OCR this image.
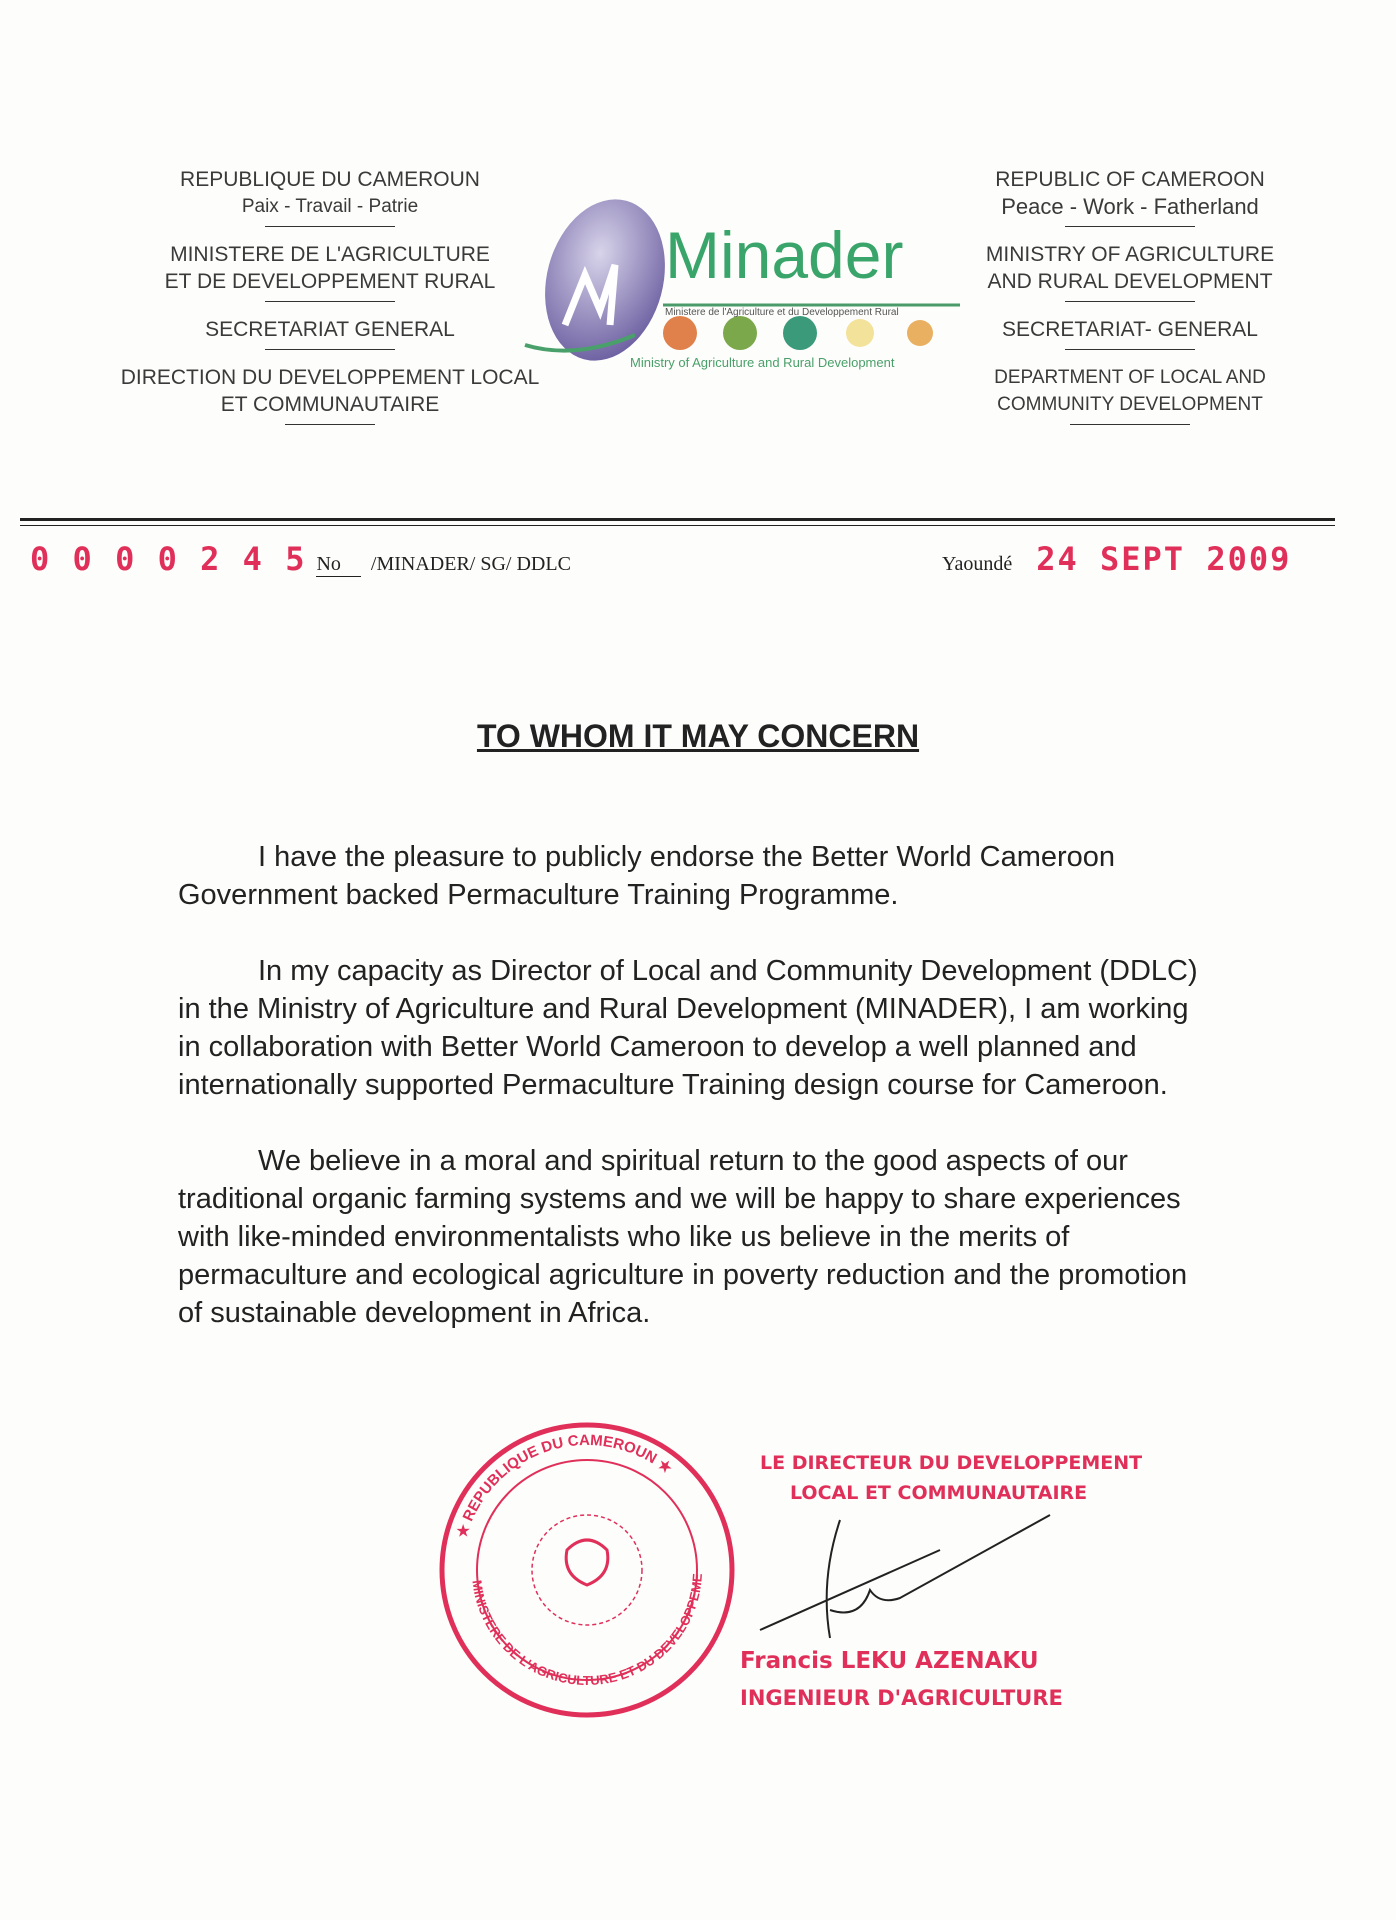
REPUBLIQUE DU CAMEROUN
Paix - Travail - Patrie
MINISTERE DE L'AGRICULTURE
ET DE DEVELOPPEMENT RURAL
SECRETARIAT GENERAL
DIRECTION DU DEVELOPPEMENT LOCAL
ET COMMUNAUTAIRE
REPUBLIC OF CAMEROON
Peace - Work - Fatherland
MINISTRY OF AGRICULTURE
AND RURAL DEVELOPMENT
SECRETARIAT- GENERAL
DEPARTMENT OF LOCAL AND
COMMUNITY DEVELOPMENT
Minader
Ministere de l'Agriculture et du Developpement Rural
Ministry of Agriculture and Rural Development
0 0 0 0 2 4 5 No	/MINADER/ SG/ DDLC	Yaoundé 24 SEPT 2009
TO WHOM IT MAY CONCERN

I have the pleasure to publicly endorse the Better World Cameroon Government backed Permaculture Training Programme.

In my capacity as Director of Local and Community Development (DDLC) in the Ministry of Agriculture and Rural Development (MINADER), I am working in collaboration with Better World Cameroon to develop a well planned and internationally supported Permaculture Training design course for Cameroon.

We believe in a moral and spiritual return to the good aspects of our traditional organic farming systems and we will be happy to share experiences with like-minded environmentalists who like us believe in the merits of permaculture and ecological agriculture in poverty reduction and the promotion of sustainable development in Africa.

★ REPUBLIQUE DU CAMEROUN ★
MINISTERE DE L'AGRICULTURE ET DU DEVELOPPEME
LE DIRECTEUR DU DEVELOPPEMENT
LOCAL ET COMMUNAUTAIRE
Francis LEKU AZENAKU
INGENIEUR D'AGRICULTURE
